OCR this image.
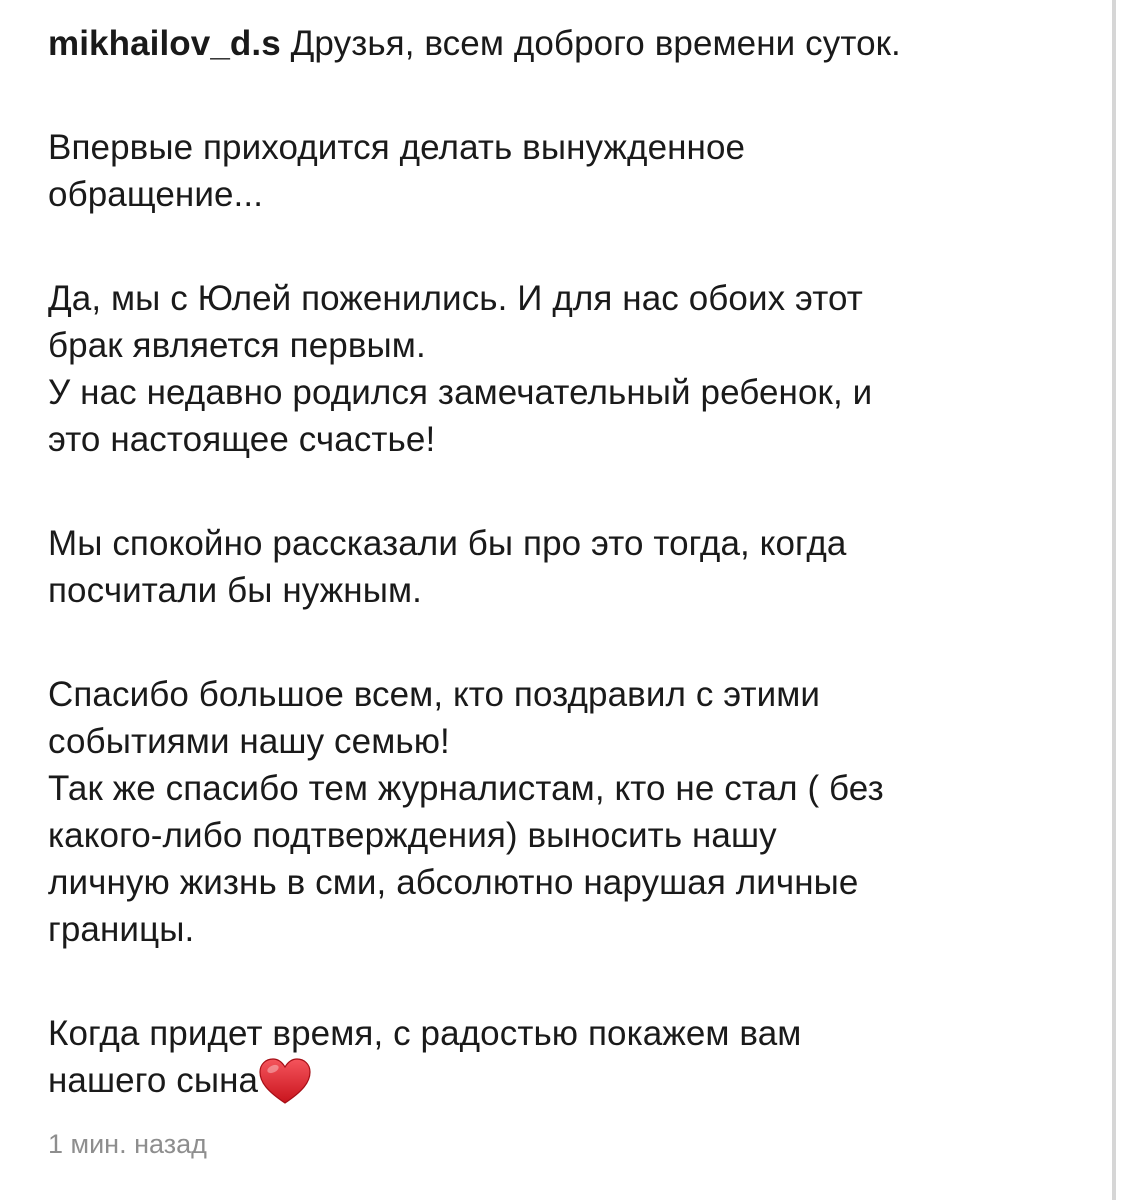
mikhailov_d.s Друзья, всем доброго времени суток.

Впервые приходится делать вынужденное

обращение...

Да, мы с Юлей поженились. И для нас обоих этот

брак является первым.

У нас недавно родился замечательный ребенок, и

это настоящее счастье!

Мы спокойно рассказали бы про это тогда, когда

посчитали бы нужным.

Спасибо большое всем, кто поздравил с этими

событиями нашу семью!

Так же спасибо тем журналистам, кто не стал ( без

какого-либо подтверждения) выносить нашу

личную жизнь в сми, абсолютно нарушая личные

границы.

Когда придет время, с радостью покажем вам

нашего сына

1 мин. назад
